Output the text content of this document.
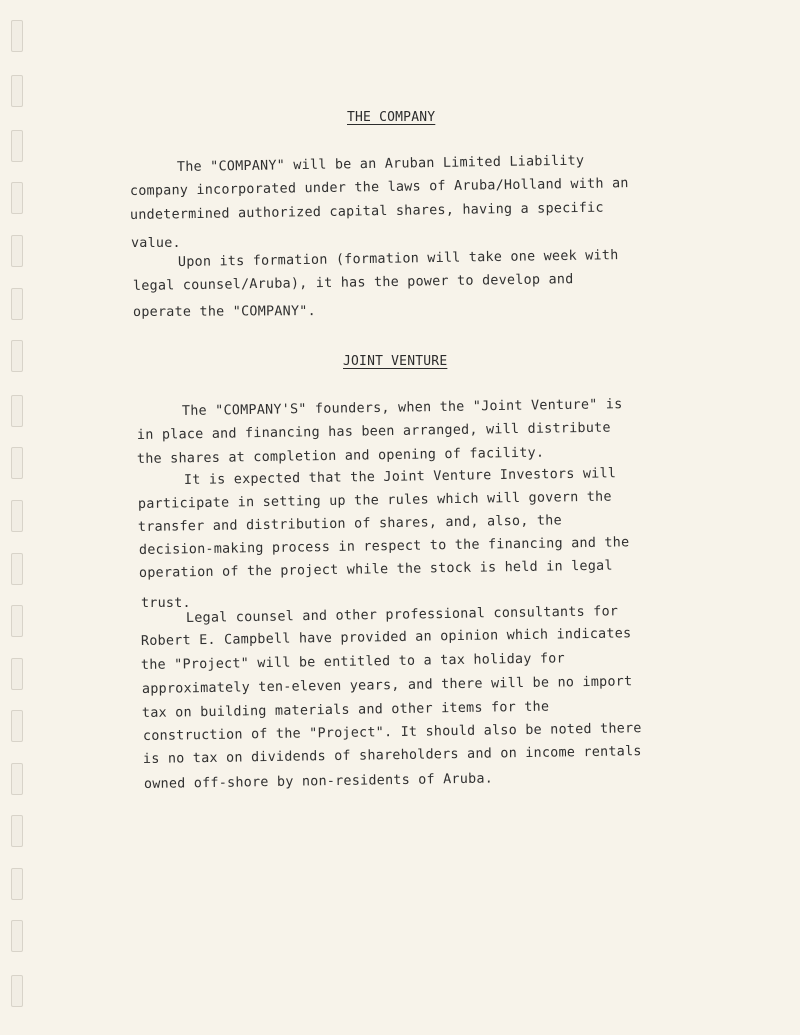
THE COMPANY
The "COMPANY" will be an Aruban Limited Liability
company incorporated under the laws of Aruba/Holland with an
undetermined authorized capital shares, having a specific
value.
Upon its formation (formation will take one week with
legal counsel/Aruba), it has the power to develop and
operate the "COMPANY".
JOINT VENTURE
The "COMPANY'S" founders, when the "Joint Venture" is
in place and financing has been arranged, will distribute
the shares at completion and opening of facility.
It is expected that the Joint Venture Investors will
participate in setting up the rules which will govern the
transfer and distribution of shares, and, also, the
decision-making process in respect to the financing and the
operation of the project while the stock is held in legal
trust.
Legal counsel and other professional consultants for
Robert E. Campbell have provided an opinion which indicates
the "Project" will be entitled to a tax holiday for
approximately ten-eleven years, and there will be no import
tax on building materials and other items for the
construction of the "Project". It should also be noted there
is no tax on dividends of shareholders and on income rentals
owned off-shore by non-residents of Aruba.
